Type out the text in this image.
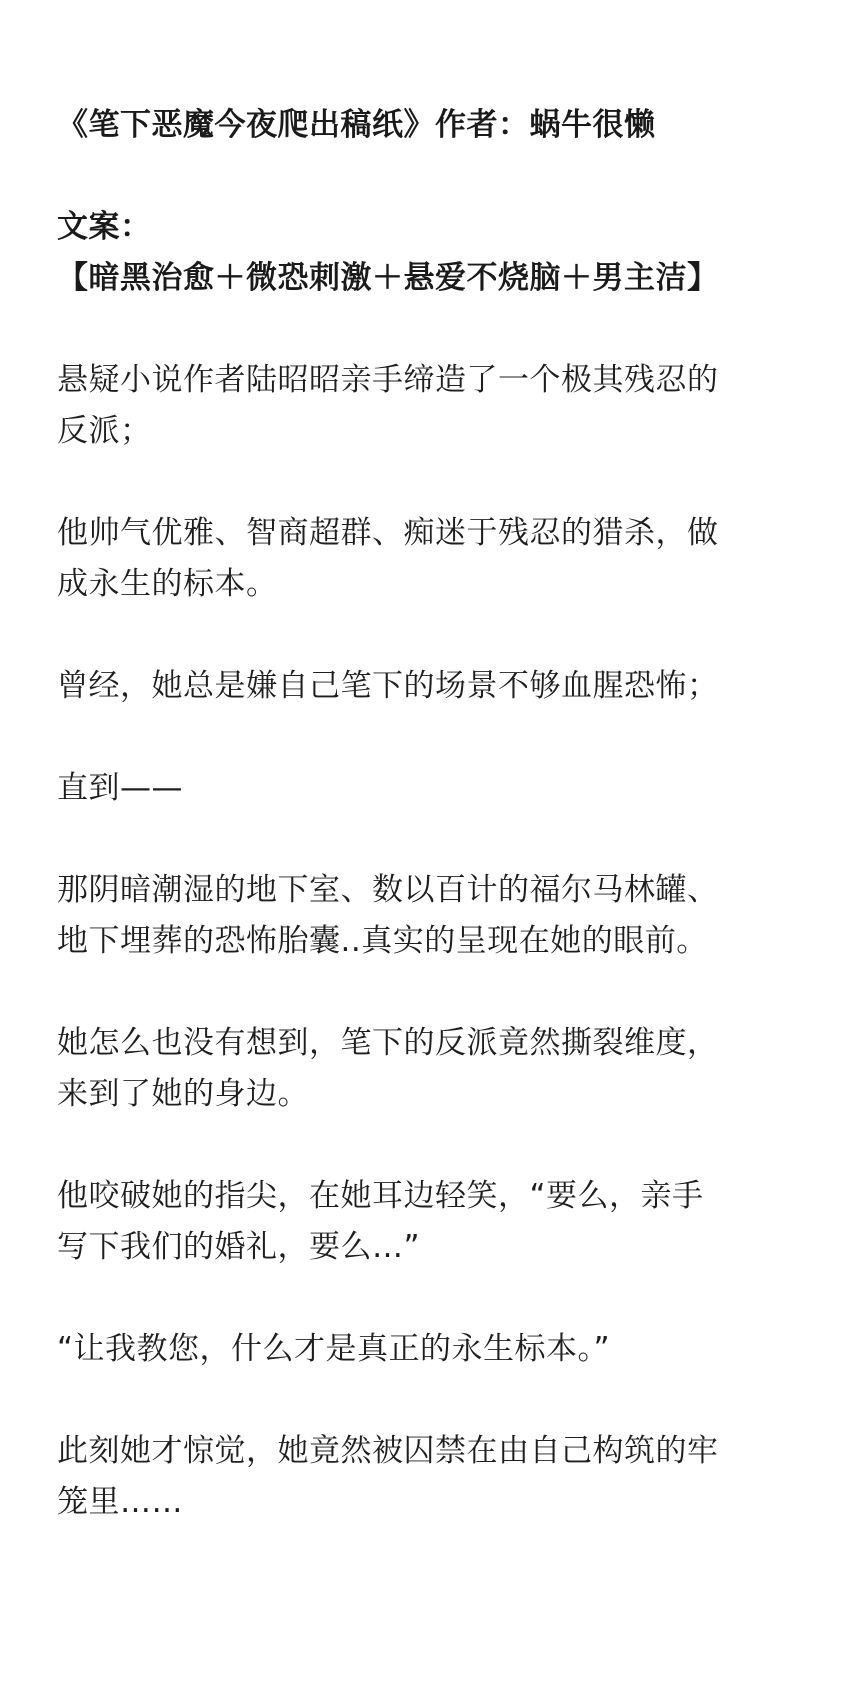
《笔下恶魔今夜爬出稿纸》作者：蜗牛很懒
文案：
【暗黑治愈＋微恐刺激＋悬爱不烧脑＋男主洁】
悬疑小说作者陆昭昭亲手缔造了一个极其残忍的
反派；
他帅气优雅、智商超群、痴迷于残忍的猎杀，做
成永生的标本。
曾经，她总是嫌自己笔下的场景不够血腥恐怖；
直到——
那阴暗潮湿的地下室、数以百计的福尔马林罐、
地下埋葬的恐怖胎囊..真实的呈现在她的眼前。
她怎么也没有想到，笔下的反派竟然撕裂维度，
来到了她的身边。
他咬破她的指尖，在她耳边轻笑，“要么，亲手
写下我们的婚礼，要么…”
“让我教您，什么才是真正的永生标本。”
此刻她才惊觉，她竟然被囚禁在由自己构筑的牢
笼里……
